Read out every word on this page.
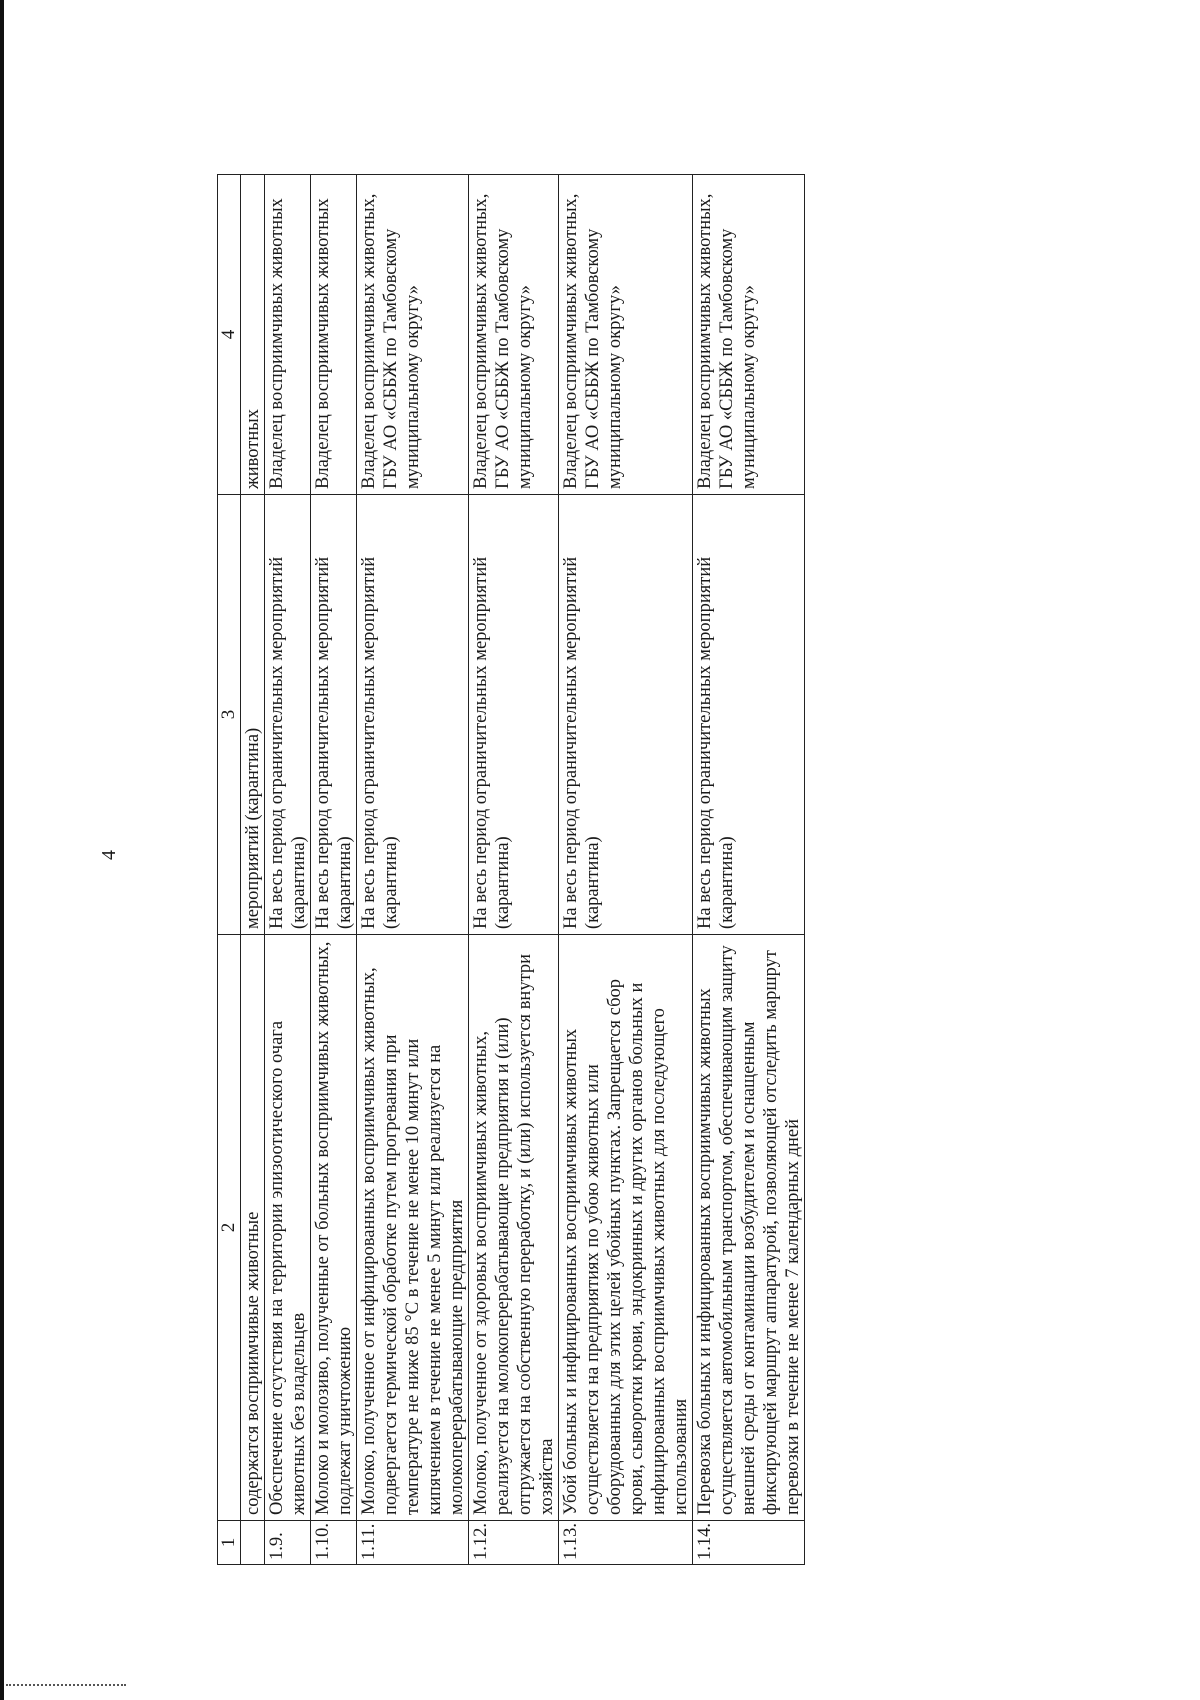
4
1	2	3	4
	содержатся восприимчивые животные	мероприятий (карантина)	животных
1.9.	Обеспечение отсутствия на территории эпизоотического очага животных без владельцев	На весь период ограничительных мероприятий (карантина)	Владелец восприимчивых животных
1.10.	Молоко и молозиво, полученные от больных восприимчивых животных, подлежат уничтожению	На весь период ограничительных мероприятий (карантина)	Владелец восприимчивых животных
1.11.	Молоко, полученное от инфицированных восприимчивых животных, подвергается термической обработке путем прогревания при температуре не ниже 85 °С в течение не менее 10 минут или кипячением в течение не менее 5 минут или реализуется на молокоперерабатывающие предприятия	На весь период ограничительных мероприятий (карантина)	Владелец восприимчивых животных, ГБУ АО «СББЖ по Тамбовскому муниципальному округу»
1.12.	Молоко, полученное от здоровых восприимчивых животных, реализуется на молокоперерабатывающие предприятия и (или) отгружается на собственную переработку, и (или) используется внутри хозяйства	На весь период ограничительных мероприятий (карантина)	Владелец восприимчивых животных, ГБУ АО «СББЖ по Тамбовскому муниципальному округу»
1.13.	Убой больных и инфицированных восприимчивых животных осуществляется на предприятиях по убою животных или оборудованных для этих целей убойных пунктах. Запрещается сбор крови, сыворотки крови, эндокринных и других органов больных и инфицированных восприимчивых животных для последующего использования	На весь период ограничительных мероприятий (карантина)	Владелец восприимчивых животных, ГБУ АО «СББЖ по Тамбовскому муниципальному округу»
1.14.	Перевозка больных и инфицированных восприимчивых животных осуществляется автомобильным транспортом, обеспечивающим защиту внешней среды от контаминации возбудителем и оснащенным фиксирующей маршрут аппаратурой, позволяющей отследить маршрут перевозки в течение не менее 7 календарных дней	На весь период ограничительных мероприятий (карантина)	Владелец восприимчивых животных, ГБУ АО «СББЖ по Тамбовскому муниципальному округу»
